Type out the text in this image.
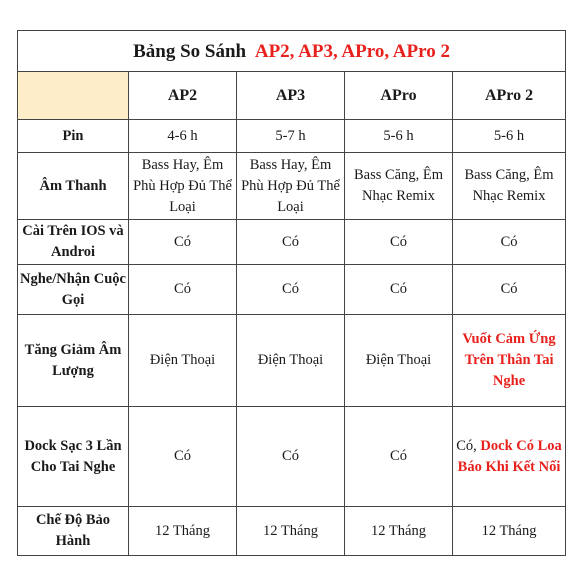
Bảng So Sánh AP2, AP3, APro, APro 2				
	AP2	AP3	APro	APro 2
Pin	4-6 h	5-7 h	5-6 h	5-6 h
Âm Thanh	Bass Hay, Êm Phù Hợp Đủ Thể Loại	Bass Hay, Êm Phù Hợp Đủ Thể Loại	Bass Căng, Êm Nhạc Remix	Bass Căng, Êm Nhạc Remix
Cài Trên IOS và Androi	Có	Có	Có	Có
Nghe/Nhận Cuộc Gọi	Có	Có	Có	Có
Tăng Giảm Âm Lượng	Điện Thoại	Điện Thoại	Điện Thoại	Vuốt Cảm Ứng Trên Thân Tai Nghe
Dock Sạc 3 Lần Cho Tai Nghe	Có	Có	Có	Có, Dock Có Loa Báo Khi Kết Nối
Chế Độ Bảo Hành	12 Tháng	12 Tháng	12 Tháng	12 Tháng
